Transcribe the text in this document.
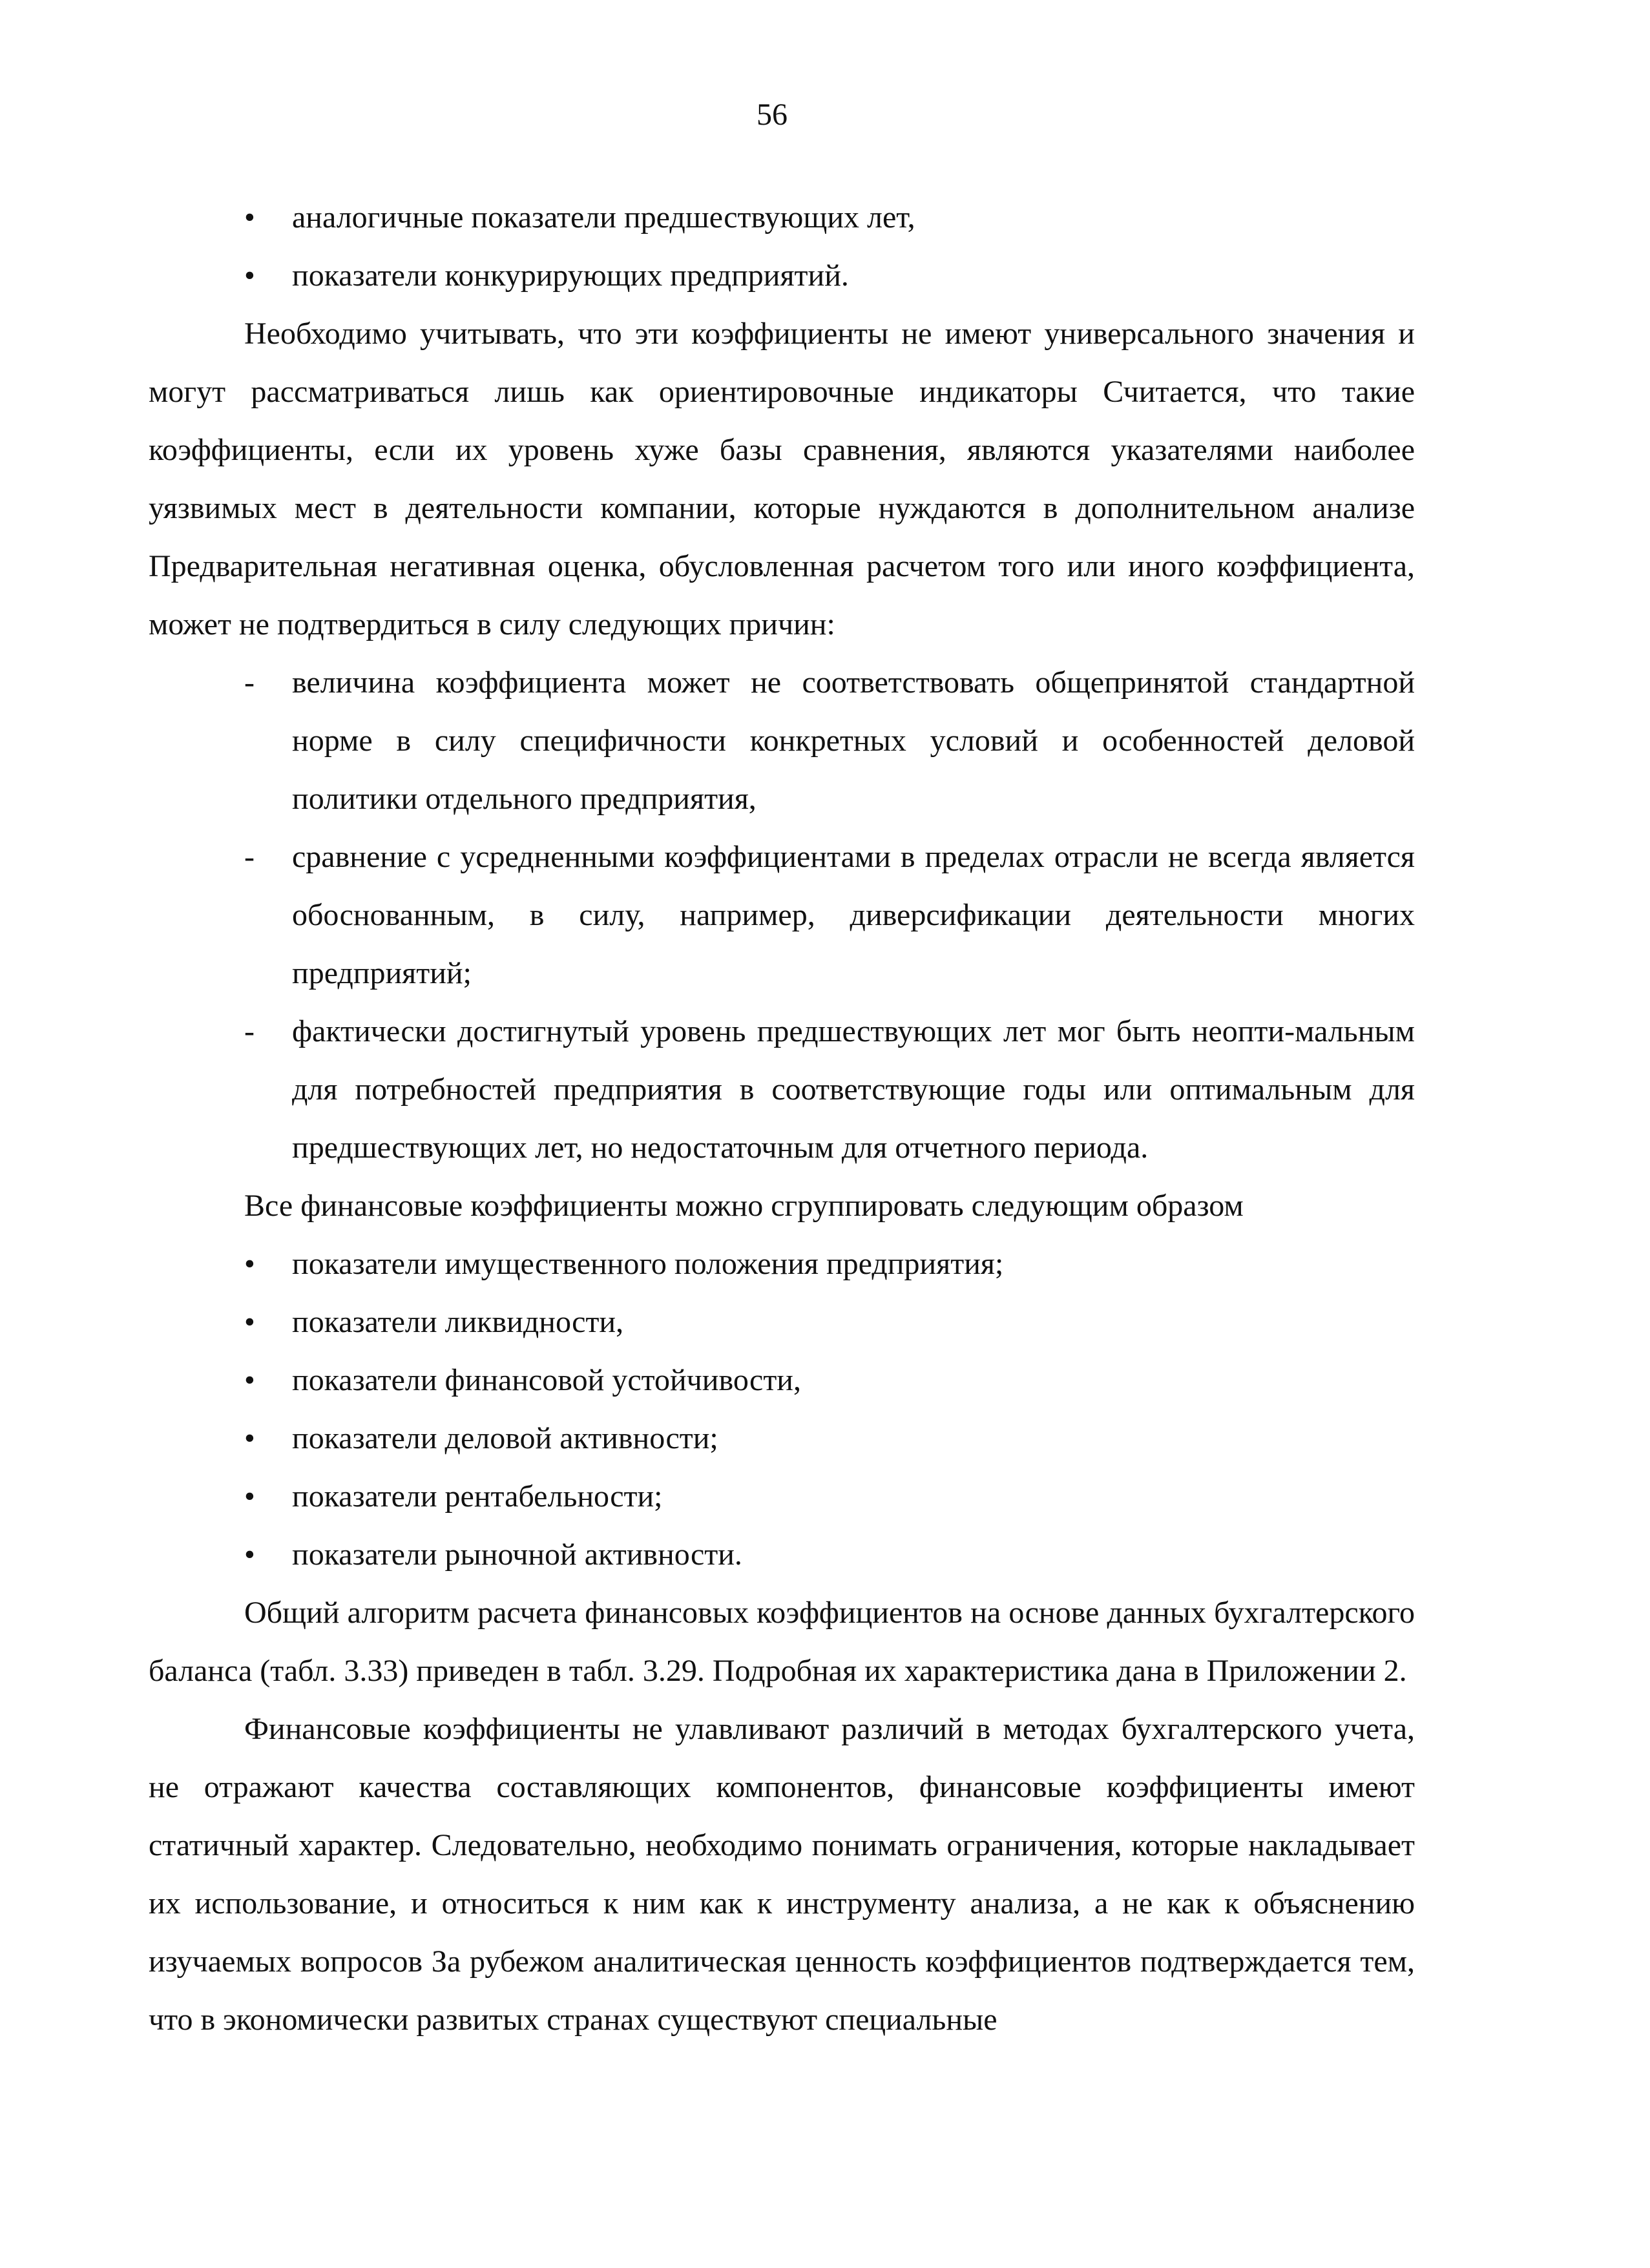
56
• аналогичные показатели предшествующих лет,
• показатели конкурирующих предприятий.

Необходимо учитывать, что эти коэффициенты не имеют универсального значения и могут рассматриваться лишь как ориентировочные индикаторы Считается, что такие коэффициенты, если их уровень хуже базы сравнения, являются указателями наиболее уязвимых мест в деятельности компании, которые нуждаются в дополнительном анализе Предварительная негативная оценка, обусловленная расчетом того или иного коэффициента, может не подтвердиться в силу следующих причин:

- величина коэффициента может не соответствовать общепринятой стандартной норме в силу специфичности конкретных условий и особенностей деловой политики отдельного предприятия,
- сравнение с усредненными коэффициентами в пределах отрасли не всегда является обоснованным, в силу, например, диверсификации деятельности многих предприятий;
- фактически достигнутый уровень предшествующих лет мог быть неопти-мальным для потребностей предприятия в соответствующие годы или оптимальным для предшествующих лет, но недостаточным для отчетного периода.

Все финансовые коэффициенты можно сгруппировать следующим образом

• показатели имущественного положения предприятия;
• показатели ликвидности,
• показатели финансовой устойчивости,
• показатели деловой активности;
• показатели рентабельности;
• показатели рыночной активности.

Общий алгоритм расчета финансовых коэффициентов на основе данных бухгалтерского баланса (табл. 3.33) приведен в табл. 3.29. Подробная их характеристика дана в Приложении 2.

Финансовые коэффициенты не улавливают различий в методах бухгалтерского учета, не отражают качества составляющих компонентов, финансовые коэффициенты имеют статичный характер. Следовательно, необходимо понимать ограничения, которые накладывает их использование, и относиться к ним как к инструменту анализа, а не как к объяснению изучаемых вопросов За рубежом аналитическая ценность коэффициентов подтверждается тем, что в экономически развитых странах существуют специальные
